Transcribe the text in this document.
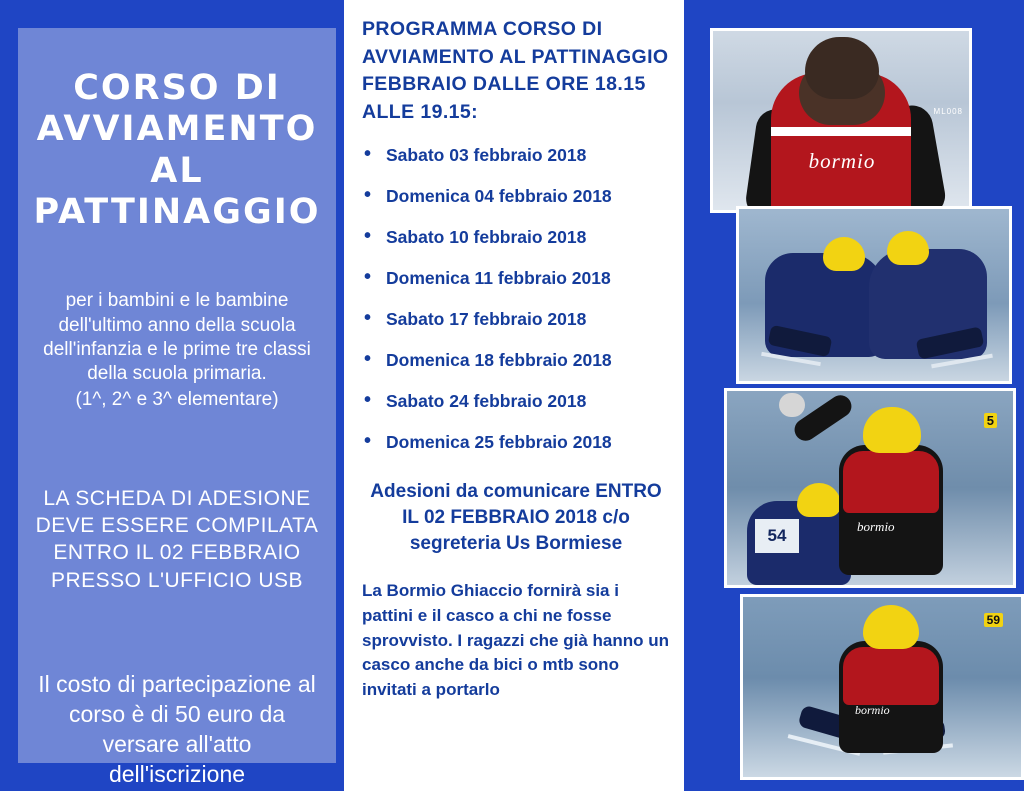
CORSO DI AVVIAMENTO AL PATTINAGGIO
per i bambini e le bambine dell'ultimo anno della scuola dell'infanzia e le prime tre classi della scuola primaria.
(1^, 2^ e 3^ elementare)
LA SCHEDA DI ADESIONE DEVE ESSERE COMPILATA ENTRO IL 02 FEBBRAIO PRESSO L'UFFICIO USB
Il costo di partecipazione al corso è di 50 euro da versare all'atto dell'iscrizione
PROGRAMMA CORSO DI AVVIAMENTO AL PATTINAGGIO FEBBRAIO DALLE ORE 18.15 ALLE 19.15:
• Sabato 03 febbraio 2018
• Domenica 04 febbraio 2018
• Sabato 10 febbraio 2018
• Domenica 11 febbraio 2018
• Sabato 17 febbraio 2018
• Domenica 18 febbraio 2018
• Sabato 24 febbraio 2018
• Domenica 25 febbraio 2018
Adesioni da comunicare ENTRO IL 02 FEBBRAIO 2018 c/o segreteria Us Bormiese
La Bormio Ghiaccio fornirà sia i pattini e il casco a chi ne fosse sprovvisto. I ragazzi che già hanno un casco anche da bici o mtb sono invitati a portarlo
bormio
ML008
54
5
bormio
59
bormio
